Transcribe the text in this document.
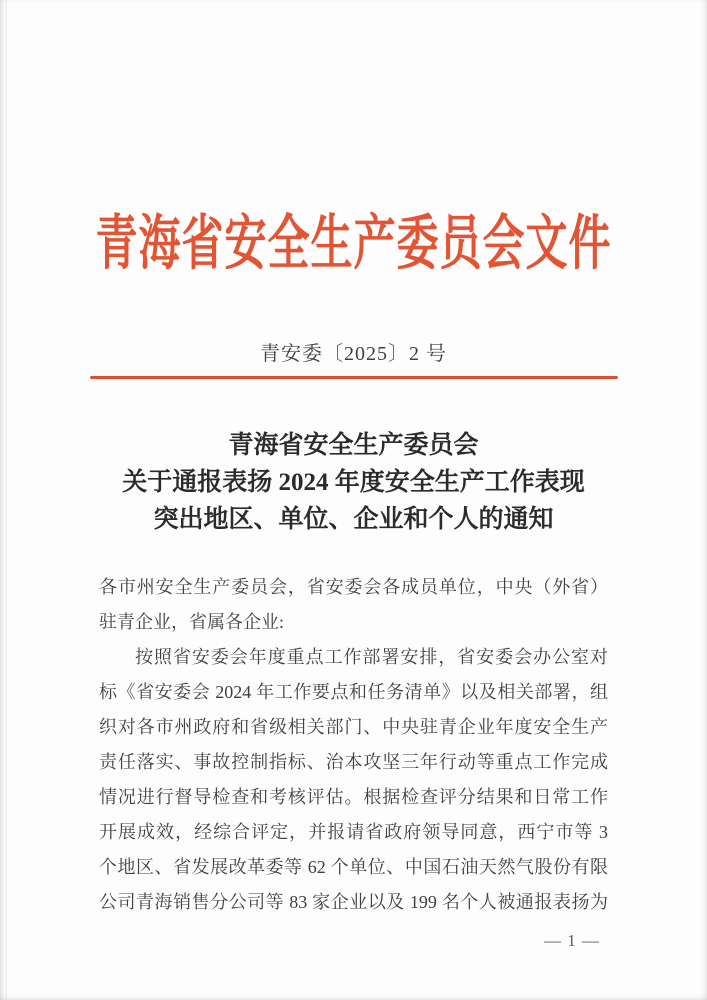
青海省安全生产委员会文件
青安委〔2025〕2 号
青海省安全生产委员会
关于通报表扬 2024 年度安全生产工作表现
突出地区、单位、企业和个人的通知

各市州安全生产委员会，省安委会各成员单位，中央（外省）

驻青企业，省属各企业:

按照省安委会年度重点工作部署安排，省安委会办公室对

标《省安委会 2024 年工作要点和任务清单》以及相关部署，组

织对各市州政府和省级相关部门、中央驻青企业年度安全生产

责任落实、事故控制指标、治本攻坚三年行动等重点工作完成

情况进行督导检查和考核评估。根据检查评分结果和日常工作

开展成效，经综合评定，并报请省政府领导同意，西宁市等 3

个地区、省发展改革委等 62 个单位、中国石油天然气股份有限

公司青海销售分公司等 83 家企业以及 199 名个人被通报表扬为

— 1 —
